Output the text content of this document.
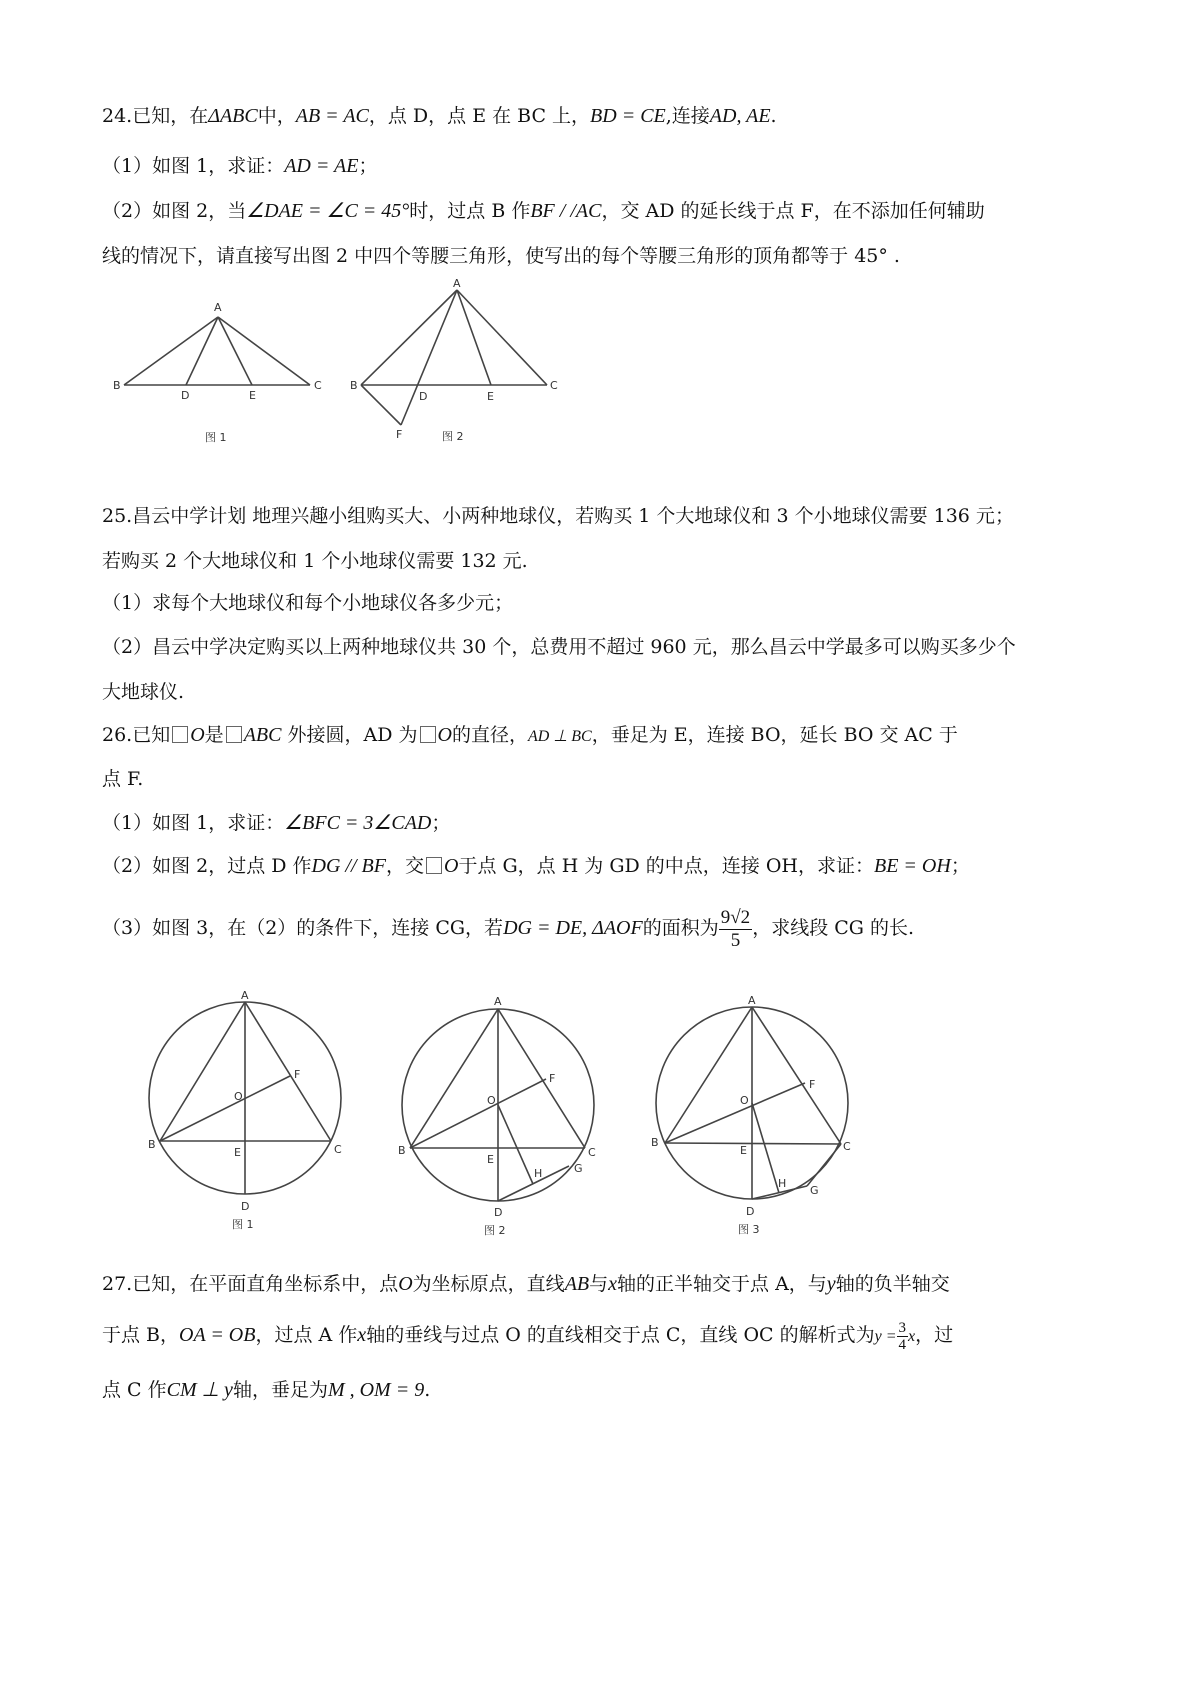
24.已知，在ΔABC中，AB = AC，点 D，点 E 在 BC 上，BD = CE,连接AD, AE.
（1）如图 1，求证：AD = AE；
（2）如图 2，当∠DAE = ∠C = 45°时，过点 B 作BF / /AC，交 AD 的延长线于点 F，在不添加任何辅助
线的情况下，请直接写出图 2 中四个等腰三角形，使写出的每个等腰三角形的顶角都等于 45° .
A
B	C
D	E
图 1
A
B	C
D	E
F	图 2
25.昌云中学计划 地理兴趣小组购买大、小两种地球仪，若购买 1 个大地球仪和 3 个小地球仪需要 136 元；
若购买 2 个大地球仪和 1 个小地球仪需要 132 元.
（1）求每个大地球仪和每个小地球仪各多少元；
（2）昌云中学决定购买以上两种地球仪共 30 个，总费用不超过 960 元，那么昌云中学最多可以购买多少个
大地球仪.
26.已知 O是 ABC 外接圆，AD 为 O的直径，AD ⊥ BC，垂足为 E，连接 BO，延长 BO 交 AC 于
点 F.
（1）如图 1，求证：∠BFC = 3∠CAD；
（2）如图 2，过点 D 作DG // BF，交 O于点 G，点 H 为 GD 的中点，连接 OH，求证：BE = OH；
（3）如图 3，在（2）的条件下，连接 CG，若DG = DE, ΔAOF的面积为 $\frac{9√2}{5}$ ，求线段 CG 的长.
A
B	C
D
E
F
O
图 1
A
B	C
D
E
F
O
G
H
图 2
A
B	C
D
E
F
O
G
H
图 3
27.已知，在平面直角坐标系中，点O为坐标原点，直线AB与x轴的正半轴交于点 A，与y轴的负半轴交
于点 B，OA = OB，过点 A 作x轴的垂线与过点 O 的直线相交于点 C，直线 OC 的解析式为$y = \frac{3}{4}$ x，过
点 C 作CM ⊥ y轴，垂足为M , OM = 9.
